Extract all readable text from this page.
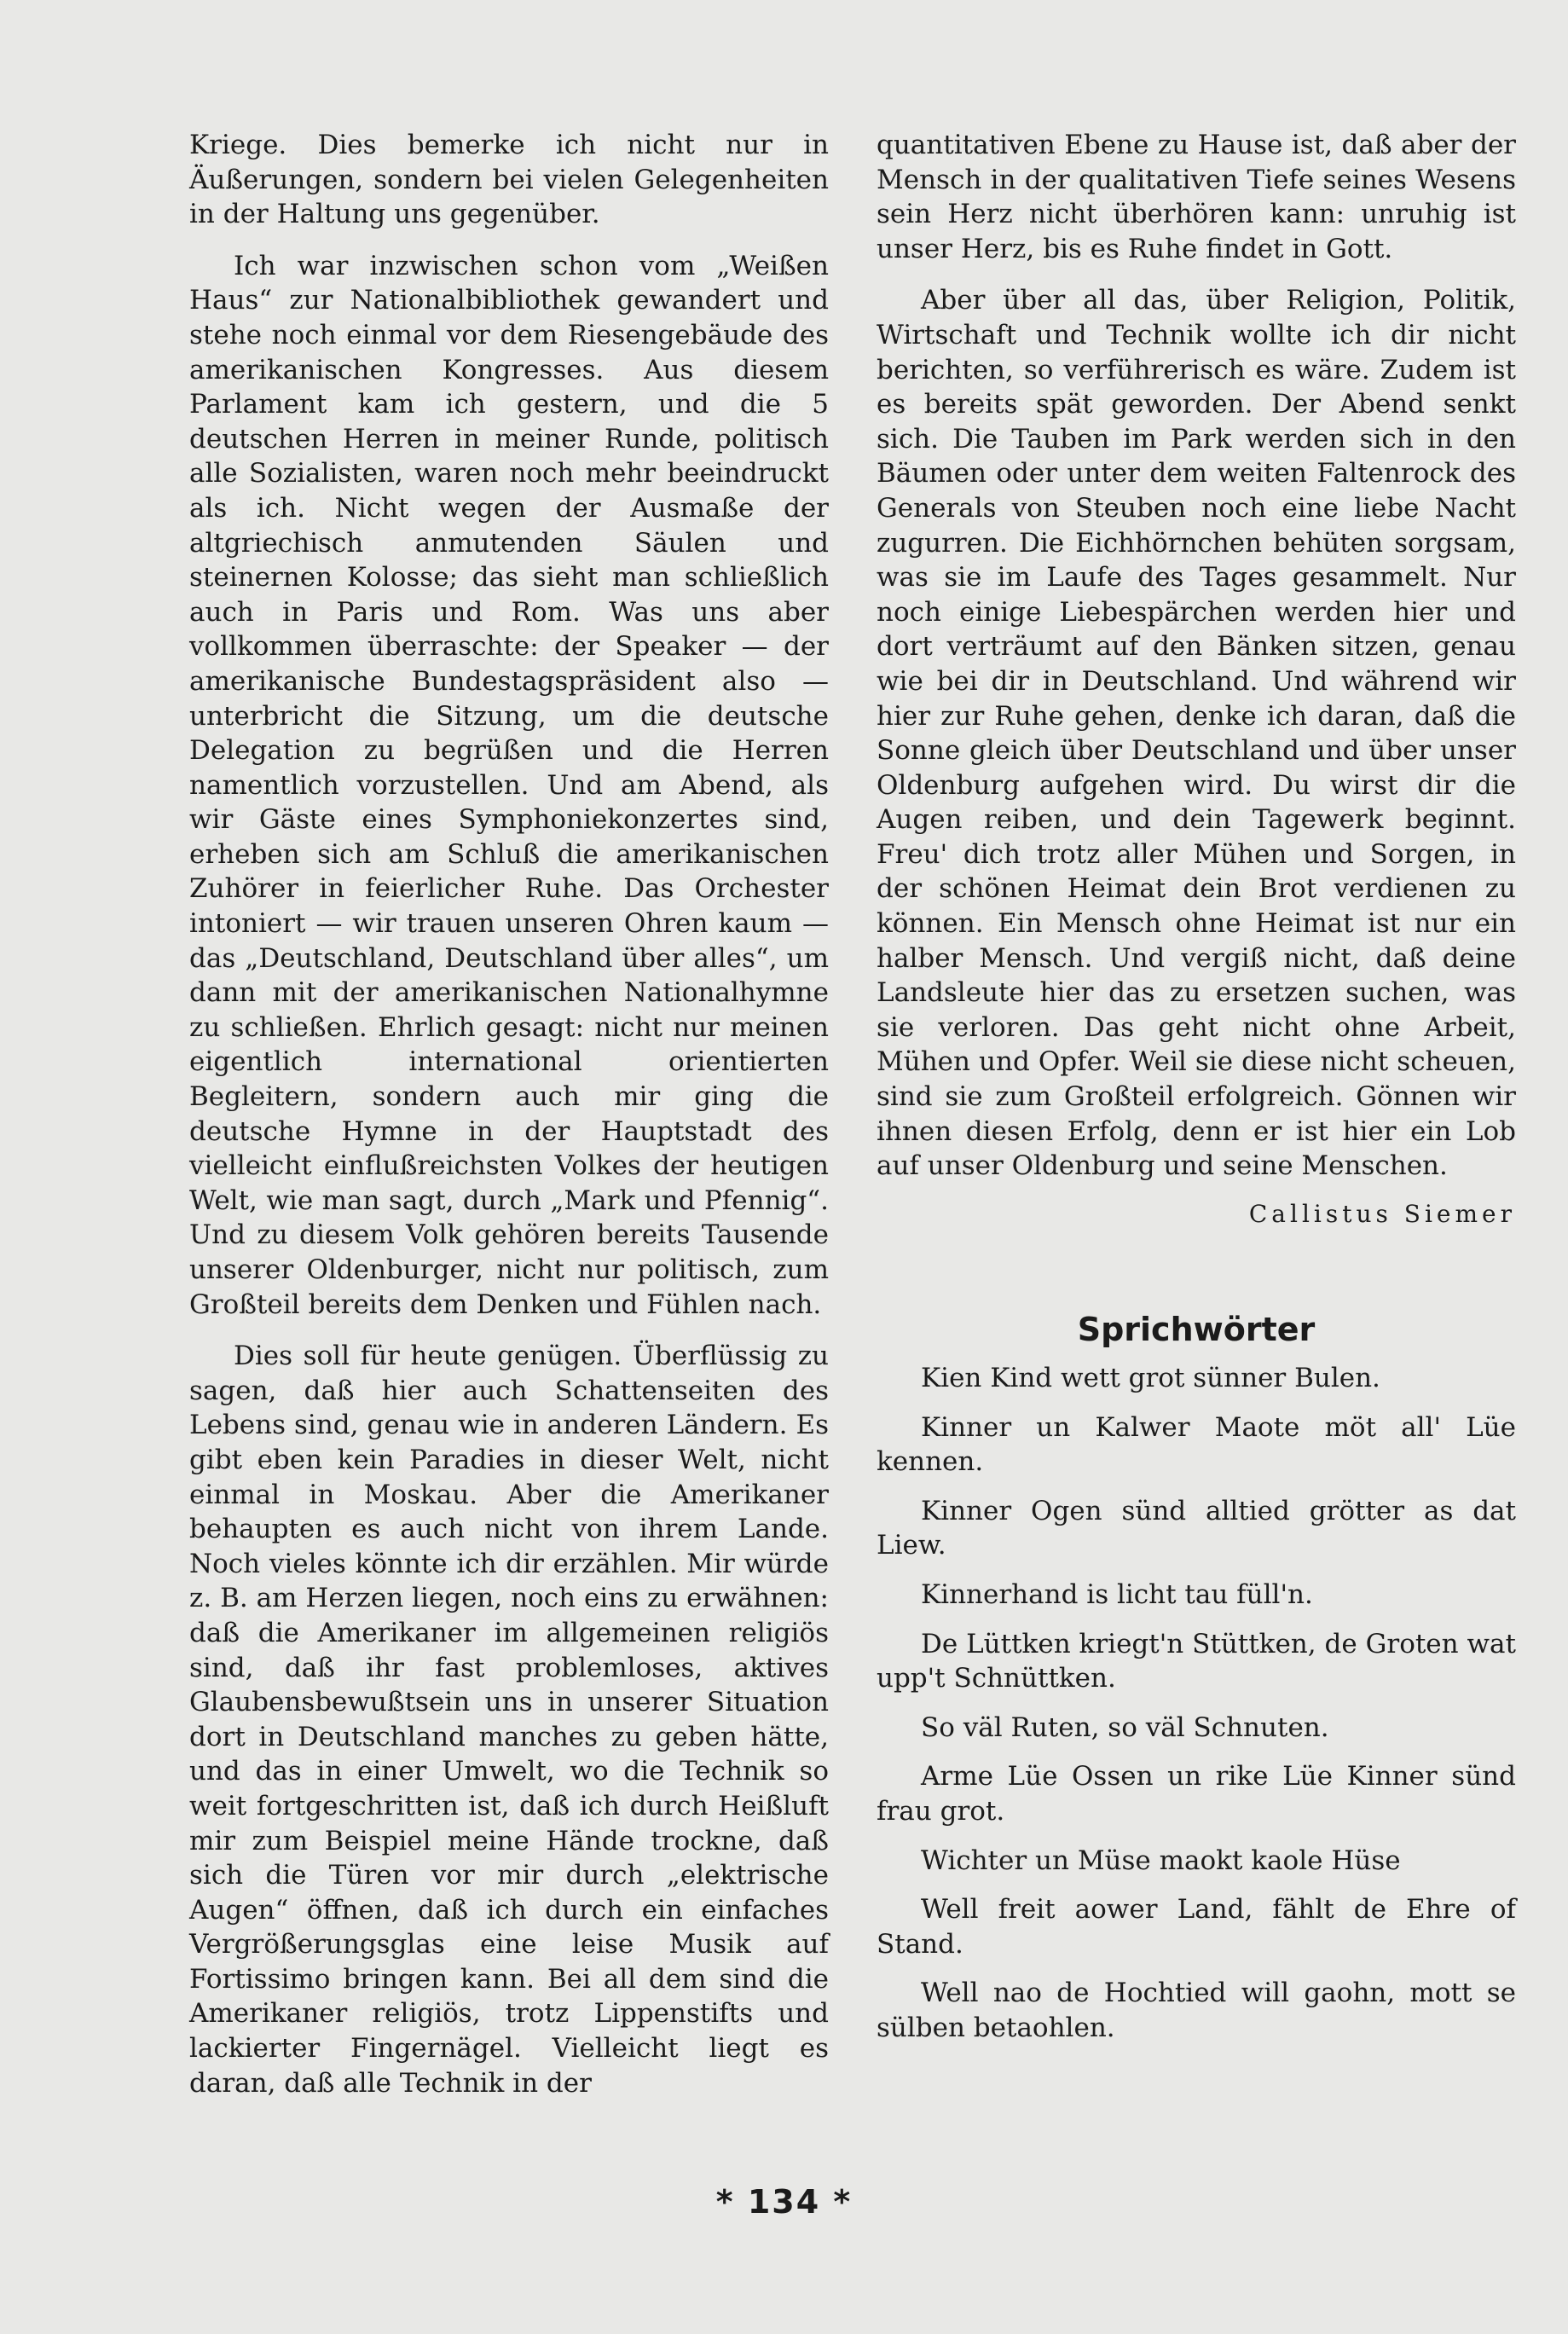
Kriege. Dies bemerke ich nicht nur in Äußerungen, sondern bei vielen Gelegenheiten in der Haltung uns gegenüber.

Ich war inzwischen schon vom „Weißen Haus“ zur Nationalbibliothek gewandert und stehe noch einmal vor dem Riesengebäude des amerikanischen Kongresses. Aus diesem Parlament kam ich gestern, und die 5 deutschen Herren in meiner Runde, politisch alle Sozialisten, waren noch mehr beeindruckt als ich. Nicht wegen der Ausmaße der altgriechisch anmutenden Säulen und steinernen Kolosse; das sieht man schließlich auch in Paris und Rom. Was uns aber vollkommen überraschte: der Speaker — der amerikanische Bundestagspräsident also — unterbricht die Sitzung, um die deutsche Delegation zu begrüßen und die Herren namentlich vorzustellen. Und am Abend, als wir Gäste eines Symphoniekonzertes sind, erheben sich am Schluß die amerikanischen Zuhörer in feierlicher Ruhe. Das Orchester intoniert — wir trauen unseren Ohren kaum — das „Deutschland, Deutschland über alles“, um dann mit der amerikanischen Nationalhymne zu schließen. Ehrlich gesagt: nicht nur meinen eigentlich international orientierten Begleitern, sondern auch mir ging die deutsche Hymne in der Hauptstadt des vielleicht einflußreichsten Volkes der heutigen Welt, wie man sagt, durch „Mark und Pfennig“. Und zu diesem Volk gehören bereits Tausende unserer Oldenburger, nicht nur politisch, zum Großteil bereits dem Denken und Fühlen nach.

Dies soll für heute genügen. Überflüssig zu sagen, daß hier auch Schattenseiten des Lebens sind, genau wie in anderen Ländern. Es gibt eben kein Paradies in dieser Welt, nicht einmal in Moskau. Aber die Amerikaner behaupten es auch nicht von ihrem Lande. Noch vieles könnte ich dir erzählen. Mir würde z. B. am Herzen liegen, noch eins zu erwähnen: daß die Amerikaner im allgemeinen religiös sind, daß ihr fast problemloses, aktives Glaubensbewußtsein uns in unserer Situation dort in Deutschland manches zu geben hätte, und das in einer Umwelt, wo die Technik so weit fortgeschritten ist, daß ich durch Heißluft mir zum Beispiel meine Hände trockne, daß sich die Türen vor mir durch „elektrische Augen“ öffnen, daß ich durch ein einfaches Vergrößerungsglas eine leise Musik auf Fortissimo bringen kann. Bei all dem sind die Amerikaner religiös, trotz Lippenstifts und lackierter Fingernägel. Vielleicht liegt es daran, daß alle Technik in der

quantitativen Ebene zu Hause ist, daß aber der Mensch in der qualitativen Tiefe seines Wesens sein Herz nicht überhören kann: unruhig ist unser Herz, bis es Ruhe findet in Gott.

Aber über all das, über Religion, Politik, Wirtschaft und Technik wollte ich dir nicht berichten, so verführerisch es wäre. Zudem ist es bereits spät geworden. Der Abend senkt sich. Die Tauben im Park werden sich in den Bäumen oder unter dem weiten Faltenrock des Generals von Steuben noch eine liebe Nacht zugurren. Die Eichhörnchen behüten sorgsam, was sie im Laufe des Tages gesammelt. Nur noch einige Liebespärchen werden hier und dort verträumt auf den Bänken sitzen, genau wie bei dir in Deutschland. Und während wir hier zur Ruhe gehen, denke ich daran, daß die Sonne gleich über Deutschland und über unser Oldenburg aufgehen wird. Du wirst dir die Augen reiben, und dein Tagewerk beginnt. Freu' dich trotz aller Mühen und Sorgen, in der schönen Heimat dein Brot verdienen zu können. Ein Mensch ohne Heimat ist nur ein halber Mensch. Und vergiß nicht, daß deine Landsleute hier das zu ersetzen suchen, was sie verloren. Das geht nicht ohne Arbeit, Mühen und Opfer. Weil sie diese nicht scheuen, sind sie zum Großteil erfolgreich. Gönnen wir ihnen diesen Erfolg, denn er ist hier ein Lob auf unser Oldenburg und seine Menschen.

Callistus Siemer
Sprichwörter

Kien Kind wett grot sünner Bulen.

Kinner un Kalwer Maote möt all' Lüe kennen.

Kinner Ogen sünd alltied grötter as dat Liew.

Kinnerhand is licht tau füll'n.

De Lüttken kriegt'n Stüttken, de Groten wat upp't Schnüttken.

So väl Ruten, so väl Schnuten.

Arme Lüe Ossen un rike Lüe Kinner sünd frau grot.

Wichter un Müse maokt kaole Hüse

Well freit aower Land, fählt de Ehre of Stand.

Well nao de Hochtied will gaohn, mott se sülben betaohlen.

* 134 *
